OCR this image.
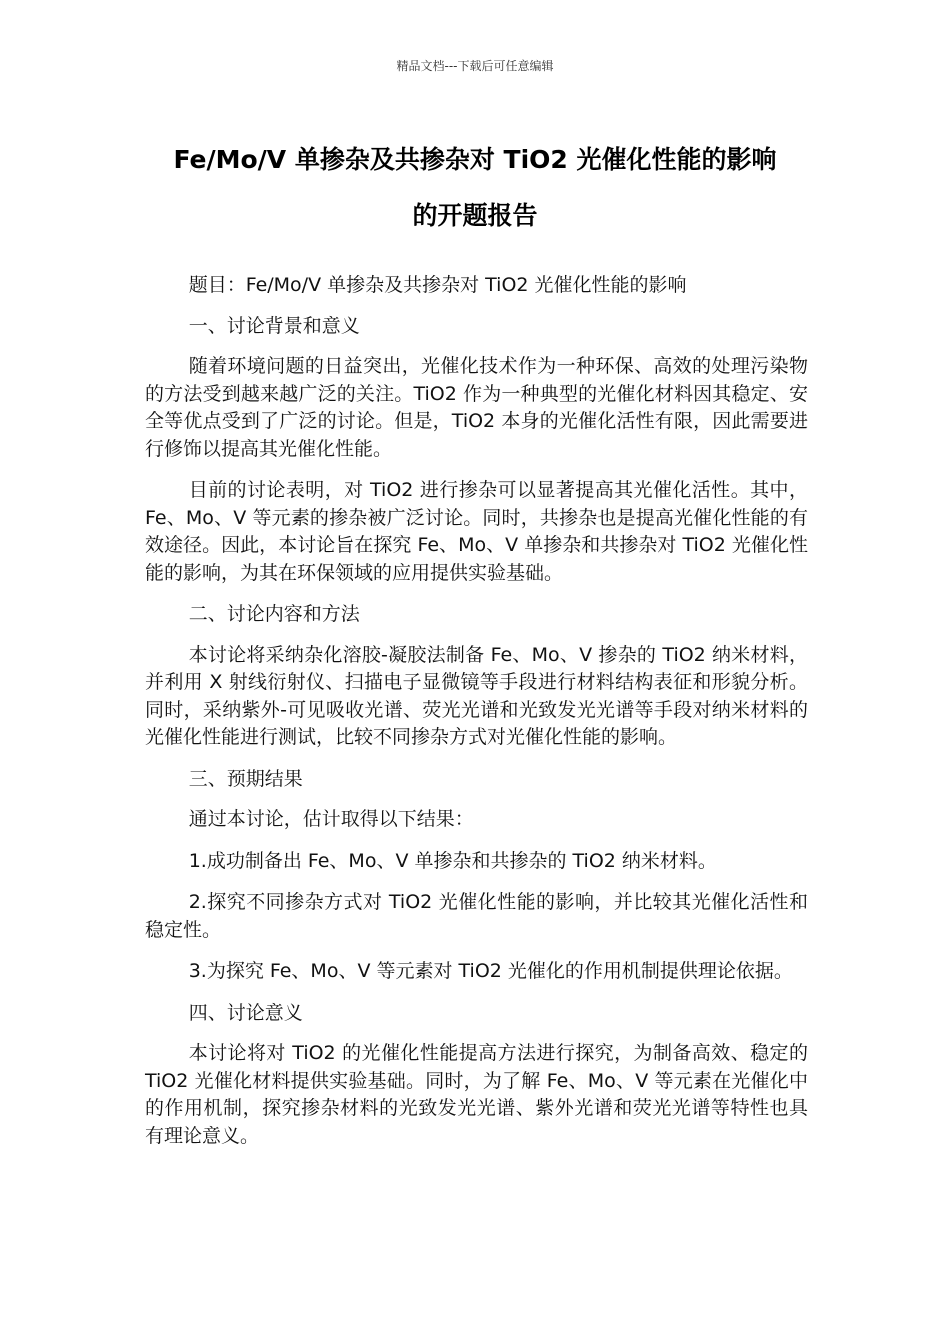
精品文档---下载后可任意编辑
Fe/Mo/V 单掺杂及共掺杂对 TiO2 光催化性能的影响
的开题报告

题目：Fe/Mo/V 单掺杂及共掺杂对 TiO2 光催化性能的影响

一、讨论背景和意义

随着环境问题的日益突出，光催化技术作为一种环保、高效的处理污染物的方法受到越来越广泛的关注。TiO2 作为一种典型的光催化材料因其稳定、安全等优点受到了广泛的讨论。但是，TiO2 本身的光催化活性有限，因此需要进行修饰以提高其光催化性能。

目前的讨论表明，对 TiO2 进行掺杂可以显著提高其光催化活性。其中，Fe、Mo、V 等元素的掺杂被广泛讨论。同时，共掺杂也是提高光催化性能的有效途径。因此，本讨论旨在探究 Fe、Mo、V 单掺杂和共掺杂对 TiO2 光催化性能的影响，为其在环保领域的应用提供实验基础。

二、讨论内容和方法

本讨论将采纳杂化溶胶-凝胶法制备 Fe、Mo、V 掺杂的 TiO2 纳米材料，并利用 X 射线衍射仪、扫描电子显微镜等手段进行材料结构表征和形貌分析。同时，采纳紫外-可见吸收光谱、荧光光谱和光致发光光谱等手段对纳米材料的光催化性能进行测试，比较不同掺杂方式对光催化性能的影响。

三、预期结果

通过本讨论，估计取得以下结果：

1.成功制备出 Fe、Mo、V 单掺杂和共掺杂的 TiO2 纳米材料。

2.探究不同掺杂方式对 TiO2 光催化性能的影响，并比较其光催化活性和稳定性。

3.为探究 Fe、Mo、V 等元素对 TiO2 光催化的作用机制提供理论依据。

四、讨论意义

本讨论将对 TiO2 的光催化性能提高方法进行探究，为制备高效、稳定的 TiO2 光催化材料提供实验基础。同时，为了解 Fe、Mo、V 等元素在光催化中的作用机制，探究掺杂材料的光致发光光谱、紫外光谱和荧光光谱等特性也具有理论意义。
